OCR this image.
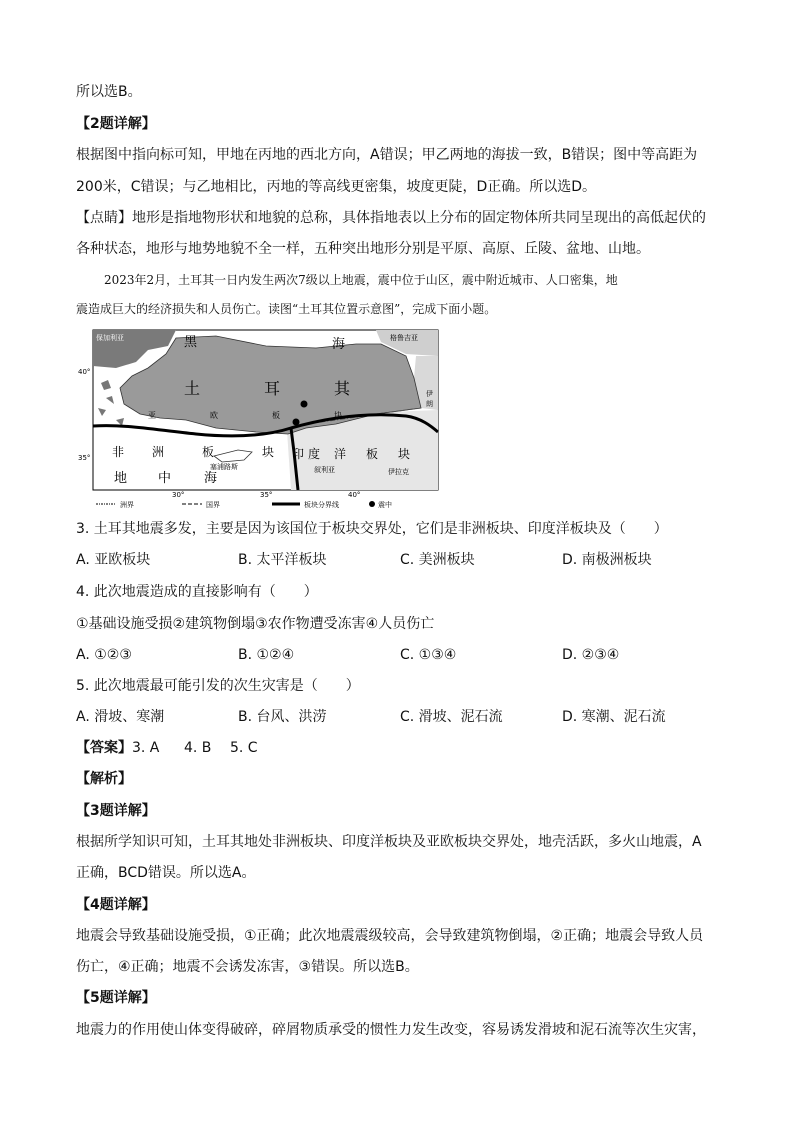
所以选B。
【2题详解】
根据图中指向标可知，甲地在丙地的西北方向，A错误；甲乙两地的海拔一致，B错误；图中等高距为
200米，C错误；与乙地相比，丙地的等高线更密集，坡度更陡，D正确。所以选D。
【点睛】地形是指地物形状和地貌的总称，具体指地表以上分布的固定物体所共同呈现出的高低起伏的
各种状态，地形与地势地貌不全一样，五种突出地形分别是平原、高原、丘陵、盆地、山地。
2023年2月，土耳其一日内发生两次7级以上地震，震中位于山区，震中附近城市、人口密集，地
震造成巨大的经济损失和人员伤亡。读图“土耳其位置示意图”，完成下面小题。
保加利亚	黑	海	格鲁吉亚
40°
土	耳	其	伊
朗
亚	欧	板	块
35° 非 洲	板	块 印 度 洋 板 块
地 中	海
塞浦路斯	叙利亚	伊拉克
30°	35°	40°
洲界	国界	板块分界线	震中
3. 土耳其地震多发，主要是因为该国位于板块交界处，它们是非洲板块、印度洋板块及（　　）
A. 亚欧板块	B. 太平洋板块	C. 美洲板块	D. 南极洲板块
4. 此次地震造成的直接影响有（　　）
①基础设施受损②建筑物倒塌③农作物遭受冻害④人员伤亡
A. ①②③	B. ①②④	C. ①③④	D. ②③④
5. 此次地震最可能引发的次生灾害是（　　）
A. 滑坡、寒潮	B. 台风、洪涝	C. 滑坡、泥石流	D. 寒潮、泥石流
【答案】 3. A 4. B 5. C
【解析】
【3题详解】
根据所学知识可知，土耳其地处非洲板块、印度洋板块及亚欧板块交界处，地壳活跃，多火山地震，A
正确，BCD错误。所以选A。
【4题详解】
地震会导致基础设施受损，①正确；此次地震震级较高，会导致建筑物倒塌，②正确；地震会导致人员
伤亡，④正确；地震不会诱发冻害，③错误。所以选B。
【5题详解】
地震力的作用使山体变得破碎，碎屑物质承受的惯性力发生改变，容易诱发滑坡和泥石流等次生灾害，
